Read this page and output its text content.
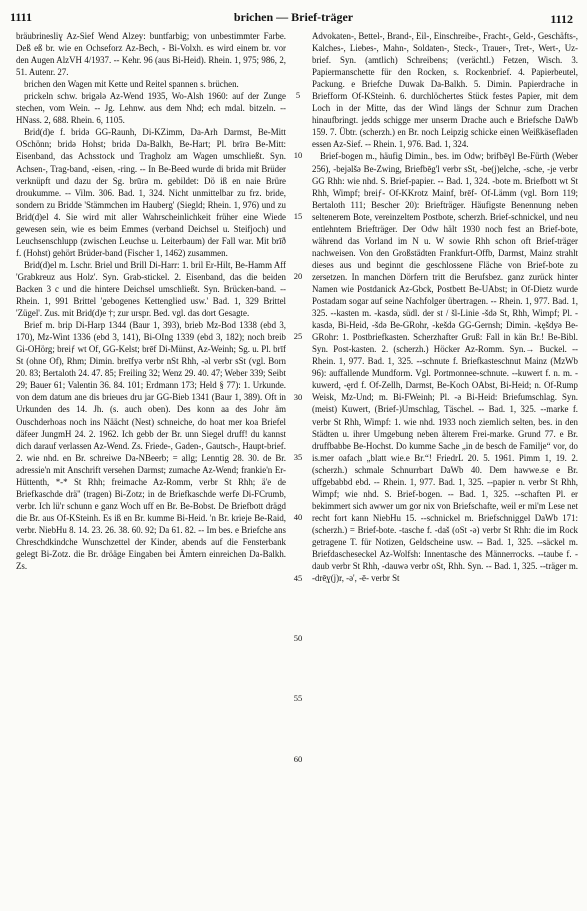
1111	brichen — Brief-träger	1112

bräubrinesliɣ Az-Sief Wend Alzey: buntfarbig; von unbestimmter Farbe. Deß eß br. wie en Ochseforz Az-Bech, - Bi-Volxh. es wird einem br. vor den Augen AlzVH 4/1937. -- Kehr. 96 (aus Bi-Heid). Rhein. 1, 975; 986, 2, 51. Autenr. 27.

brichen den Wagen mit Kette und Reitel spannen s. brüchen.

prickeln schw. brigələ Az-Wend 1935, Wo-Alsh 1960: auf der Zunge stechen, vom Wein. -- Jg. Lehnw. aus dem Nhd; ech mdal. bitzeln. -- HNass. 2, 688. Rhein. 6, 1105.

Brid(d)e f. bridə GG-Raunh, Di-KZimm, Da-Arh Darmst, Be-Mitt OSchönn; bridə Hohst; bridə Da-Balkh, Be-Hart; Pl. brīrə Be-Mitt: Eisenband, das Achsstock und Tragholz am Wagen umschließt. Syn. Achsen-, Trag-band, -eisen, -ring. -- In Be-Beed wurde di bridə mit Brüder verknüpft und dazu der Sg. brūrə m. gebildet: Dö iß en naie Brüre droukumme. -- Vilm. 306. Bad. 1, 324. Nicht unmittelbar zu frz. bride, sondern zu Bridde 'Stämmchen im Hauberg' (Siegld; Rhein. 1, 976) und zu Brid(d)el 4. Sie wird mit aller Wahrscheinlichkeit früher eine Wiede gewesen sein, wie es beim Emmes (verband Deichsel u. Steifjoch) und Leuchsenschlupp (zwischen Leuchse u. Leiterbaum) der Fall war. Mit brīð f. (Hohst) gehört Brüder-band (Fischer 1, 1462) zusammen.

Brid(d)el m. Lschr. Briel und Brill Di-Harr: 1. bril Er-Hilt, Be-Hamm Aff 'Grabkreuz aus Holz'. Syn. Grab-stickel. 2. Eisenband, das die beiden Backen 3 c und die hintere Deichsel umschließt. Syn. Brücken-band. -- Rhein. 1, 991 Brittel 'gebogenes Kettenglied usw.' Bad. 1, 329 Brittel 'Zügel'. Zus. mit Brid(d)e †; zur urspr. Bed. vgl. das dort Gesagte.

Brief m. brip Di-Harp 1344 (Baur 1, 393), brieb Mz-Bod 1338 (ebd 3, 170), Mz-Wint 1336 (ebd 3, 141), Bi-OIng 1339 (ebd 3, 182); noch breib Gi-OHörg; breiƒ wt Of, GG-Kelst; brēf Di-Münst, Az-Weinh; Sg. u. Pl. brīf St (ohne Of), Rhm; Dimin. breīfyə verbr nSt Rhh, -əl verbr sSt (vgl. Born 20. 83; Bertaloth 24. 47. 85; Freiling 32; Wenz 29. 40. 47; Weber 339; Seibt 29; Bauer 61; Valentin 36. 84. 101; Erdmann 173; Held § 77): 1. Urkunde. von dem datum ane dis brieues dru jar GG-Bieb 1341 (Baur 1, 389). Oft in Urkunden des 14. Jh. (s. auch oben). Des konn aa des Johr äm Ouschderhoas noch ins Näächt (Nest) schneiche, do hoat mer koa Briefel däfeer JungmH 24. 2. 1962. Ich gebb der Br. unn Siegel druff! du kannst dich darauf verlassen Az-Wend. Zs. Friede-, Gaden-, Gautsch-, Haupt-brief. 2. wie nhd. en Br. schreiwe Da-NBeerb; = allg; Lenntig 28. 30. de Br. adressie'n mit Anschrift versehen Darmst; zumache Az-Wend; frankie'n Er-Hüttenth, *-* St Rhh; freimache Az-Romm, verbr St Rhh; ä'e de Briefkaschde drä'' (tragen) Bi-Zotz; in de Briefkaschde werfe Di-FCrumb, verbr. Ich lü'r schunn e ganz Woch uff en Br. Be-Bobst. De Briefbott drägd die Br. aus Of-KSteinh. Es iß en Br. kumme Bi-Heid. 'n Br. krieje Be-Raid, verbr. NiebHu 8. 14. 23. 26. 38. 60. 92; Da 61. 82. -- Im bes. e Briefche ans Chreschdkindche Wunschzettel der Kinder, abends auf die Fensterbank gelegt Bi-Zotz. die Br. dröäge Eingaben bei Ämtern einreichen Da-Balkh. Zs.

5
10
15
20
25
30
35
40
45
50
55
60

Advokaten-, Bettel-, Brand-, Eil-, Einschreibe-, Fracht-, Geld-, Geschäfts-, Kalches-, Liebes-, Mahn-, Soldaten-, Steck-, Trauer-, Tret-, Wert-, Uz-brief. Syn. (amtlich) Schreibens; (verächtl.) Fetzen, Wisch. 3. Papiermanschette für den Rocken, s. Rockenbrief. 4. Papierbeutel, Packung. e Briefche Duwak Da-Balkh. 5. Dimin. Papierdrache in Briefform Of-KSteinh. 6. durchlöchertes Stück festes Papier, mit dem Loch in der Mitte, das der Wind längs der Schnur zum Drachen hinaufbringt. jedds schigge mer unserm Drache auch e Briefsche DaWb 159. 7. Übtr. (scherzh.) en Br. noch Leipzig schicke einen Weißkäsefladen essen Az-Sief. -- Rhein. 1, 976. Bad. 1, 324.

Brief-bogen m., häufig Dimin., bes. im Odw; brifbēɣl Be-Fürth (Weber 256), -bejəlšə Be-Zwing, Briefbēg'l verbr sSt, -be(j)elche, -sche, -je verbr GG Rhh: wie nhd. S. Brief-papier. -- Bad. 1, 324. -bote m. Briefbott wt St Rhh, Wimpf; breiƒ- Of-KKrotz Mainf, brēf- Of-Lämm (vgl. Born 119; Bertaloth 111; Bescher 20): Briefträger. Häufigste Benennung neben seltenerem Bote, vereinzeltem Postbote, scherzh. Brief-schnickel, und neu entlehntem Briefträger. Der Odw hält 1930 noch fest an Brief-bote, während das Vorland im N u. W sowie Rhh schon oft Brief-träger nachweisen. Von den Großstädten Frankfurt-Offb, Darmst, Mainz strahlt dieses aus und beginnt die geschlossene Fläche von Brief-bote zu zersetzen. In manchen Dörfern tritt die Berufsbez. ganz zurück hinter Namen wie Postdanick Az-Gbck, Postbett Be-UAbst; in Of-Dietz wurde Postadam sogar auf seine Nachfolger übertragen. -- Rhein. 1, 977. Bad. 1, 325. --kasten m. -kasdə, südl. der st / šl-Linie -šdə St, Rhh, Wimpf; Pl. -kasdə, Bi-Heid, -šdə Be-GRohr, -kešdə GG-Gernsh; Dimin. -kęšdyə Be-GRohr: 1. Postbriefkasten. Scherzhafter Gruß: Fall in kän Br.! Be-Bibl. Syn. Post-kasten. 2. (scherzh.) Höcker Az-Romm. Syn.→ Buckel. -- Rhein. 1, 977. Bad. 1, 325. --schnute f. Briefkasteschnut Mainz (MzWb 96): auffallende Mundform. Vgl. Portmonnee-schnute. --kuwert f. n. m. -kuwerd, -ęrd f. Of-Zellh, Darmst, Be-Koch OAbst, Bi-Heid; n. Of-Rump Weisk, Mz-Und; m. Bi-FWeinh; Pl. -ə Bi-Heid: Briefumschlag. Syn. (meist) Kuwert, (Brief-)Umschlag, Täschel. -- Bad. 1, 325. --marke f. verbr St Rhh, Wimpf: 1. wie nhd. 1933 noch ziemlich selten, bes. in den Städten u. ihrer Umgebung neben älterem Frei-marke. Grund 77. e Br. druffbabbe Be-Hochst. Do kumme Sache „in de besch de Familje“ vor, do is.mer oafach „blatt wie.e Br.“! FriedrL 20. 5. 1961. Pimm 1, 19. 2. (scherzh.) schmale Schnurrbart DaWb 40. Dem hawwe.se e Br. uffgebabbd ebd. -- Rhein. 1, 977. Bad. 1, 325. --papier n. verbr St Rhh, Wimpf; wie nhd. S. Brief-bogen. -- Bad. 1, 325. --schaften Pl. er bekimmert sich awwer um gor nix von Briefschafte, weil er mi'm Lese net recht fort kann NiebHu 15. --schnickel m. Briefschniggel DaWb 171: (scherzh.) = Brief-bote. -tasche f. -daš (oSt -ə) verbr St Rhh: die im Rock getragene T. für Notizen, Geldscheine usw. -- Bad. 1, 325. --säckel m. Briefdascheseckel Az-Wolfsh: Innentasche des Männerrocks. --taube f. -daub verbr St Rhh, -dauwə verbr oSt, Rhh. Syn. -- Bad. 1, 325. --träger m. -drē̜ɣ(j)r, -ə', -ē- verbr St
